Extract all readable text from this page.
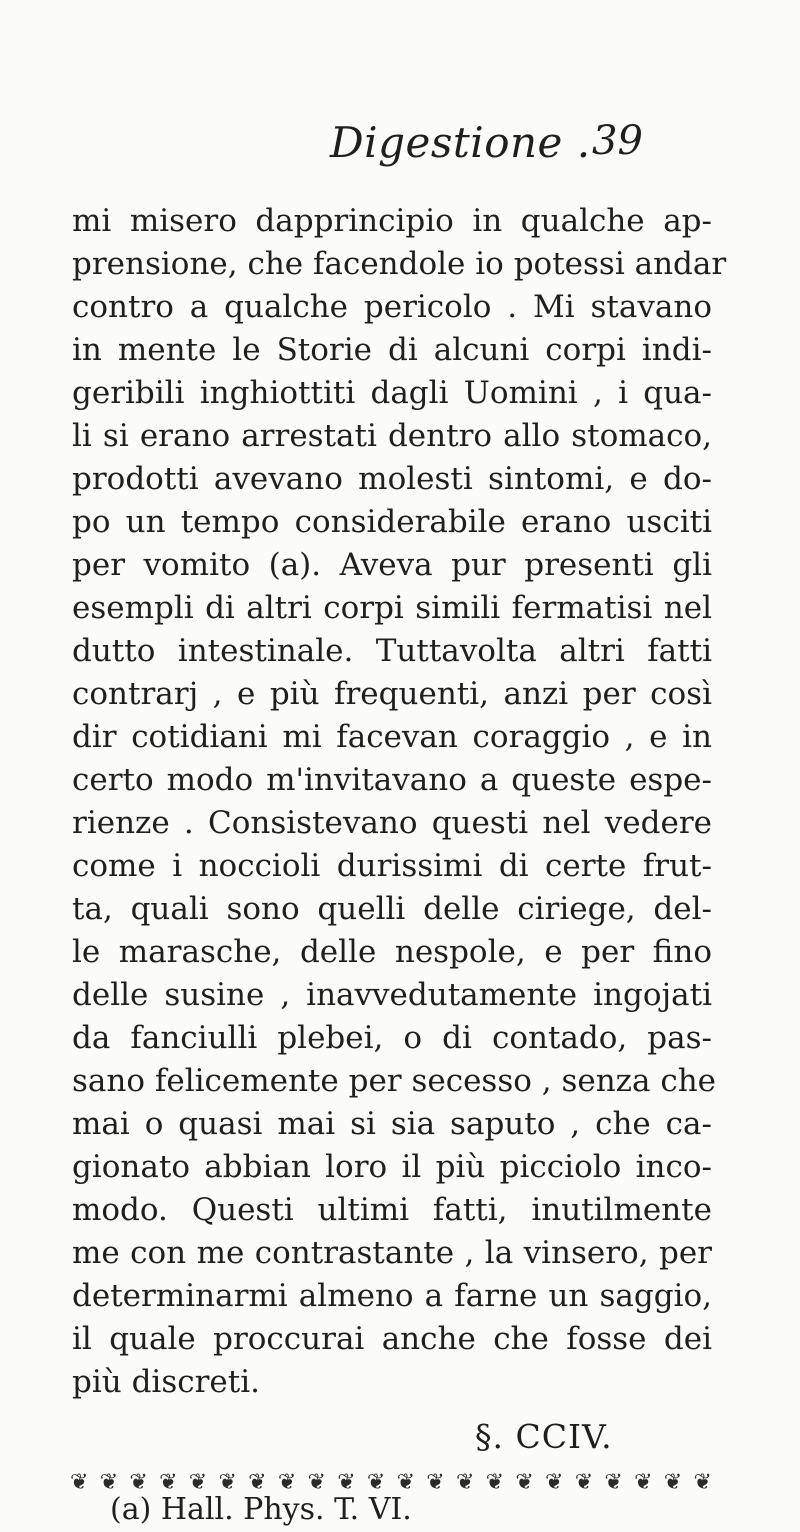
Digestione . 39
mi misero dapprincipio in qualche ap-
prensione, che facendole io potessi andar
contro a qualche pericolo . Mi stavano
in mente le Storie di alcuni corpi indi-
geribili inghiottiti dagli Uomini , i qua-
li si erano arrestati dentro allo stomaco,
prodotti avevano molesti sintomi, e do-
po un tempo considerabile erano usciti
per vomito (a). Aveva pur presenti gli
esempli di altri corpi simili fermatisi nel
dutto intestinale. Tuttavolta altri fatti
contrarj , e più frequenti, anzi per così
dir cotidiani mi facevan coraggio , e in
certo modo m'invitavano a queste espe-
rienze . Consistevano questi nel vedere
come i noccioli durissimi di certe frut-
ta, quali sono quelli delle ciriege, del-
le marasche, delle nespole, e per fino
delle susine , inavvedutamente ingojati
da fanciulli plebei, o di contado, pas-
sano felicemente per secesso , senza che
mai o quasi mai si sia saputo , che ca-
gionato abbian loro il più picciolo inco-
modo. Questi ultimi fatti, inutilmente
me con me contrastante , la vinsero, per
determinarmi almeno a farne un saggio,
il quale proccurai anche che fosse dei
più discreti.
§. CCIV.
❦ ❦ ❦ ❦ ❦ ❦ ❦ ❦ ❦ ❦ ❦ ❦ ❦ ❦ ❦ ❦ ❦ ❦ ❦ ❦ ❦ ❦
(a) Hall. Phys. T. VI.
